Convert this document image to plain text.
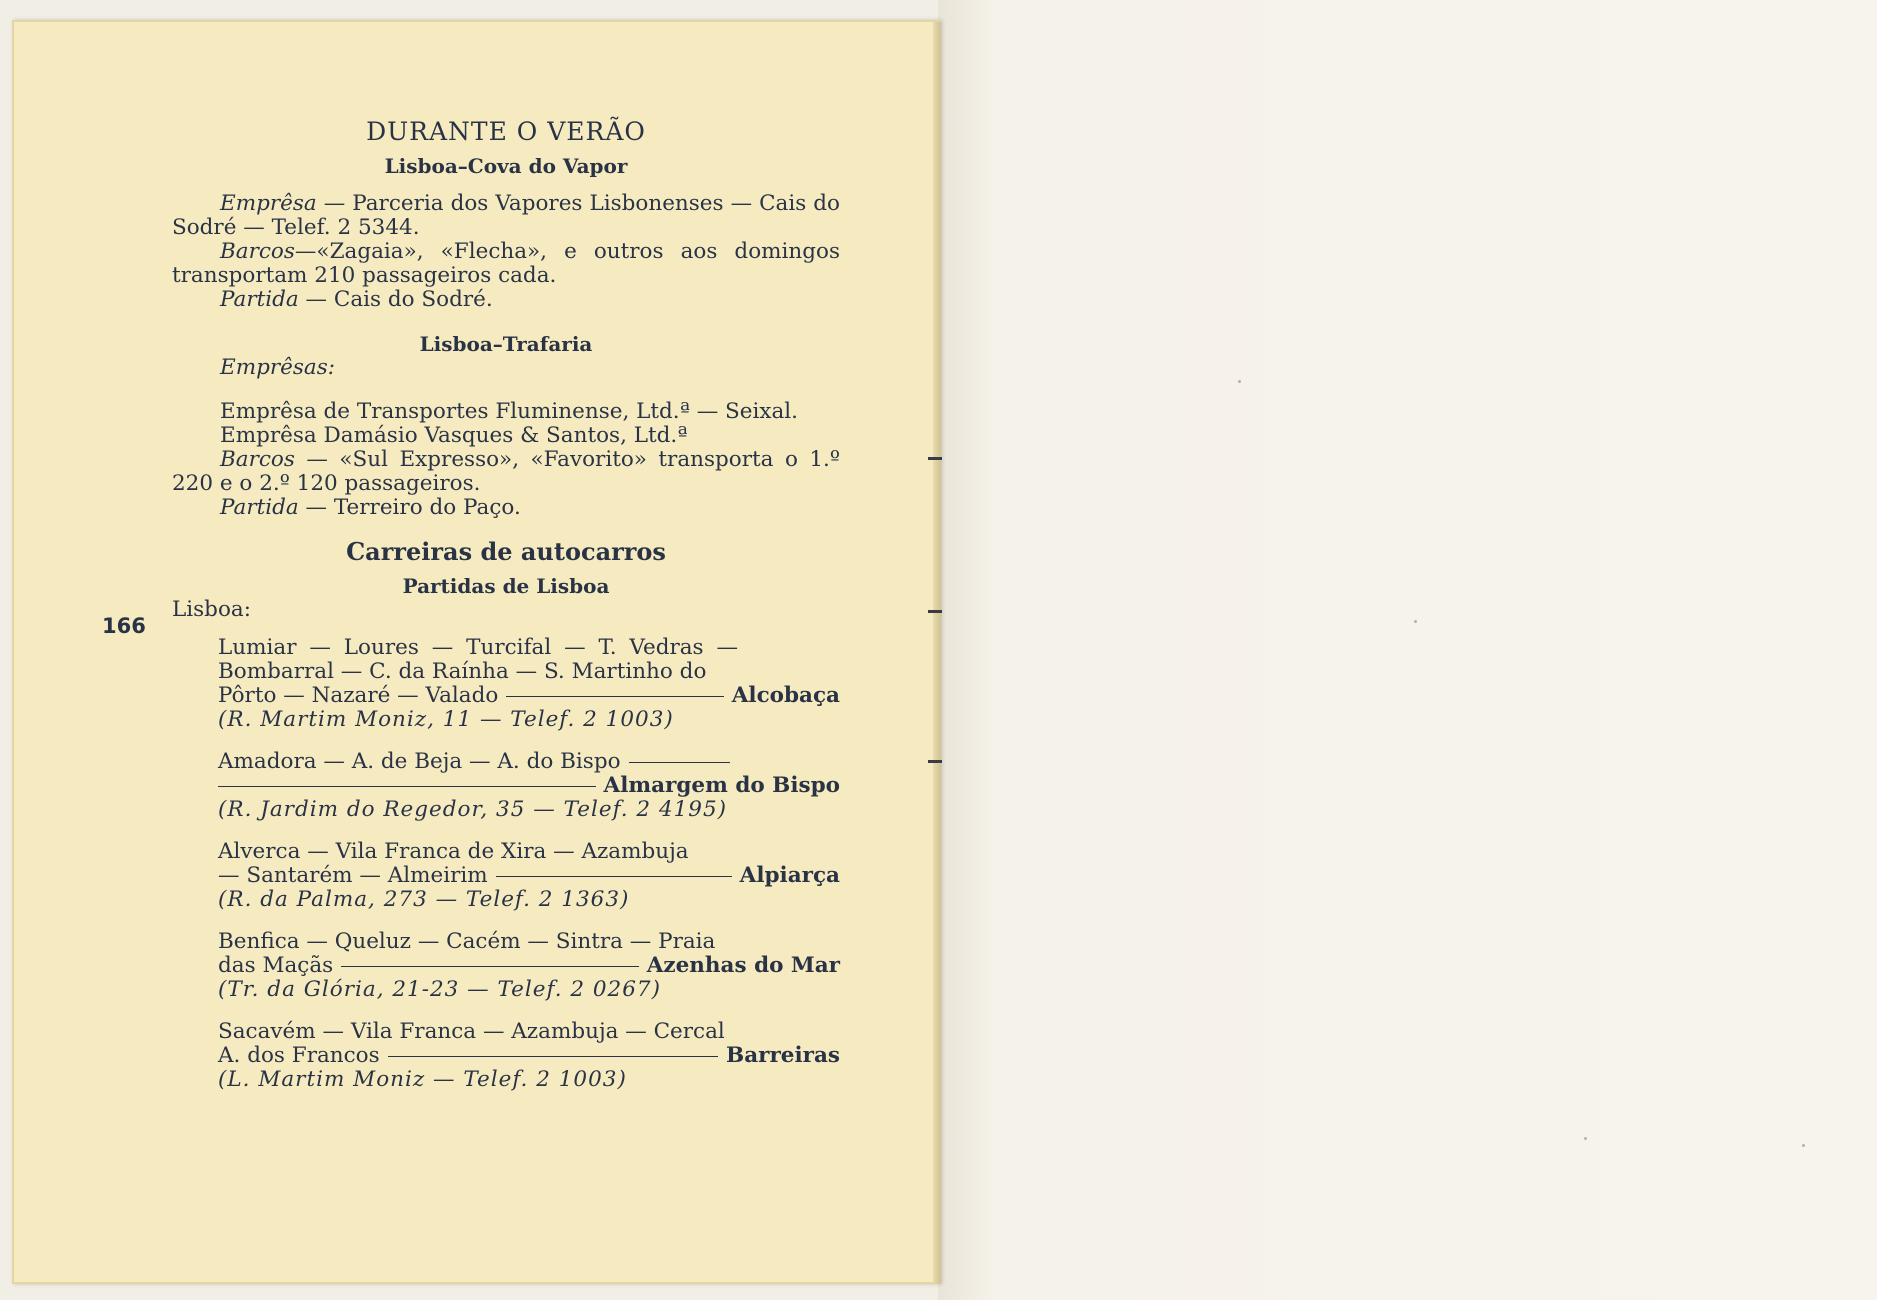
166
DURANTE O VERÃO
Lisboa–Cova do Vapor

Emprêsa — Parceria dos Vapores Lisbonenses — Cais do Sodré — Telef. 2 5344.

Barcos—«Zagaia», «Flecha», e outros aos domingos transportam 210 passageiros cada.

Partida — Cais do Sodré.

Lisboa–Trafaria

Emprêsas:

Emprêsa de Transportes Fluminense, Ltd.ª — Seixal.

Emprêsa Damásio Vasques & Santos, Ltd.ª

Barcos — «Sul Expresso», «Favorito» transporta o 1.º 220 e o 2.º 120 passageiros.

Partida — Terreiro do Paço.

Carreiras de autocarros
Partidas de Lisboa

Lisboa:

Lumiar — Loures — Turcifal — T. Vedras — Bombarral — C. da Raínha — S. Martinho do
Pôrto — Nazaré — Valado	Alcobaça
(R. Martim Moniz, 11 — Telef. 2 1003)
Amadora — A. de Beja — A. do Bispo
Almargem do Bispo
(R. Jardim do Regedor, 35 — Telef. 2 4195)
Alverca — Vila Franca de Xira — Azambuja
— Santarém — Almeirim	Alpiarça
(R. da Palma, 273 — Telef. 2 1363)
Benfica — Queluz — Cacém — Sintra — Praia
das Maçãs	Azenhas do Mar
(Tr. da Glória, 21-23 — Telef. 2 0267)
Sacavém — Vila Franca — Azambuja — Cercal
A. dos Francos	Barreiras
(L. Martim Moniz — Telef. 2 1003)
